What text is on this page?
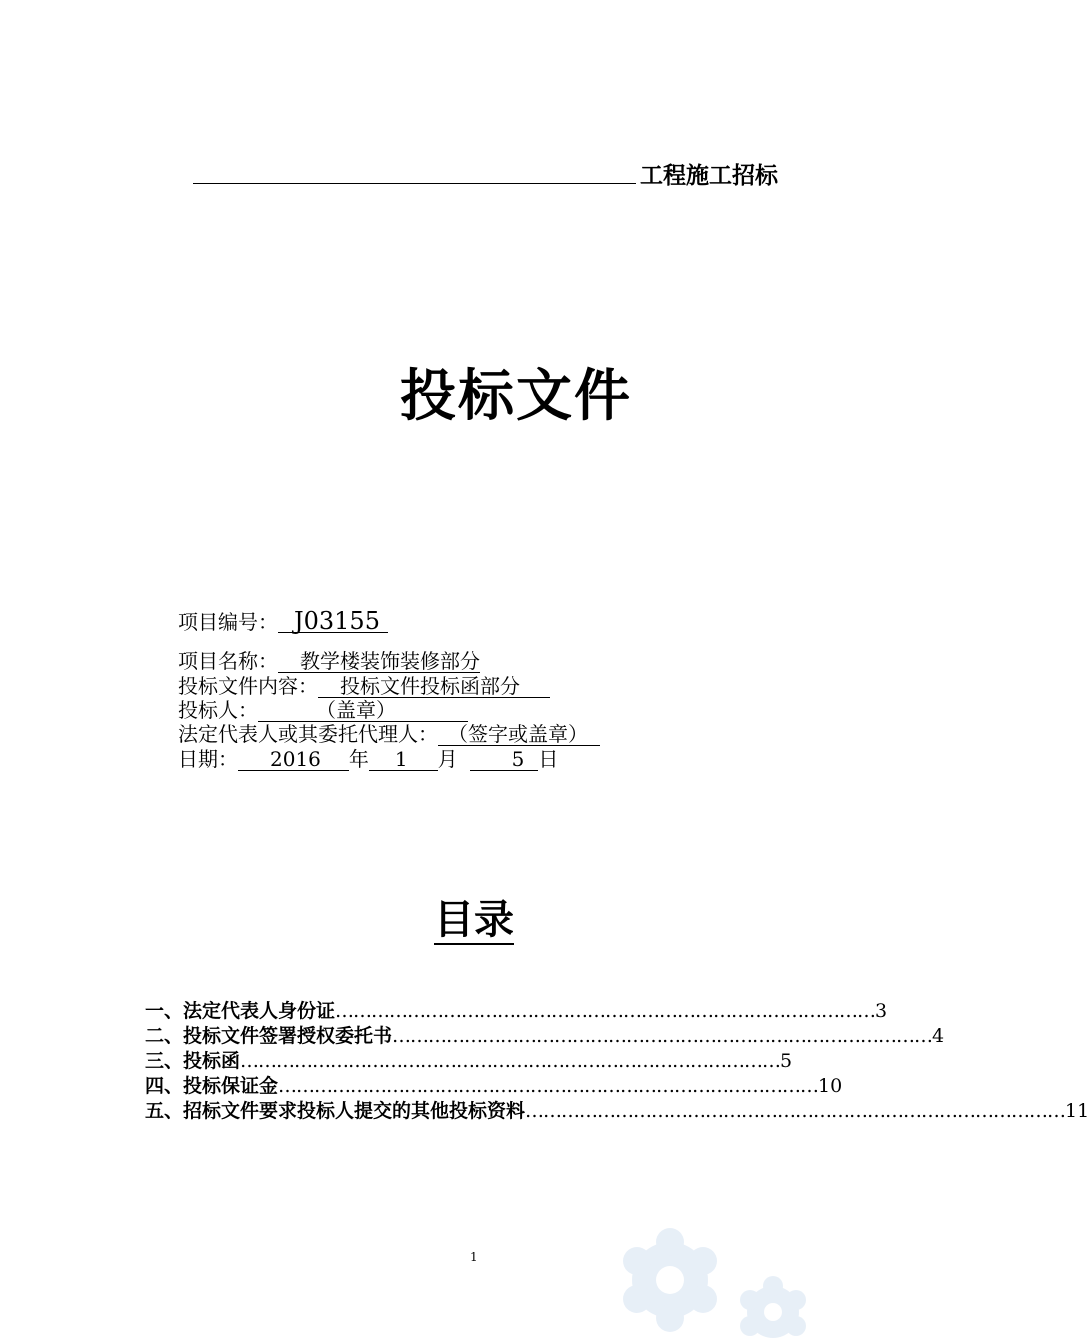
工程施工招标
投标文件
项目编号： J03155
项目名称： 教学楼装饰装修部分
投标文件内容： 投标文件投标函部分
投标人：	（盖章）
法定代表人或其委托代理人： （签字或盖章）
日期： 2016 年 1 月	5 日
目录
一、 法定代表人身份证 ……………………………………………………………………………… 3
二、 投标文件签署授权委托书 ……………………………………………………………………………… 4
三、 投标函 ……………………………………………………………………………… 5
四、 投标保证金 ……………………………………………………………………………… 10
五、 招标文件要求投标人提交的其他投标资料 ……………………………………………………………………………… 11
1
